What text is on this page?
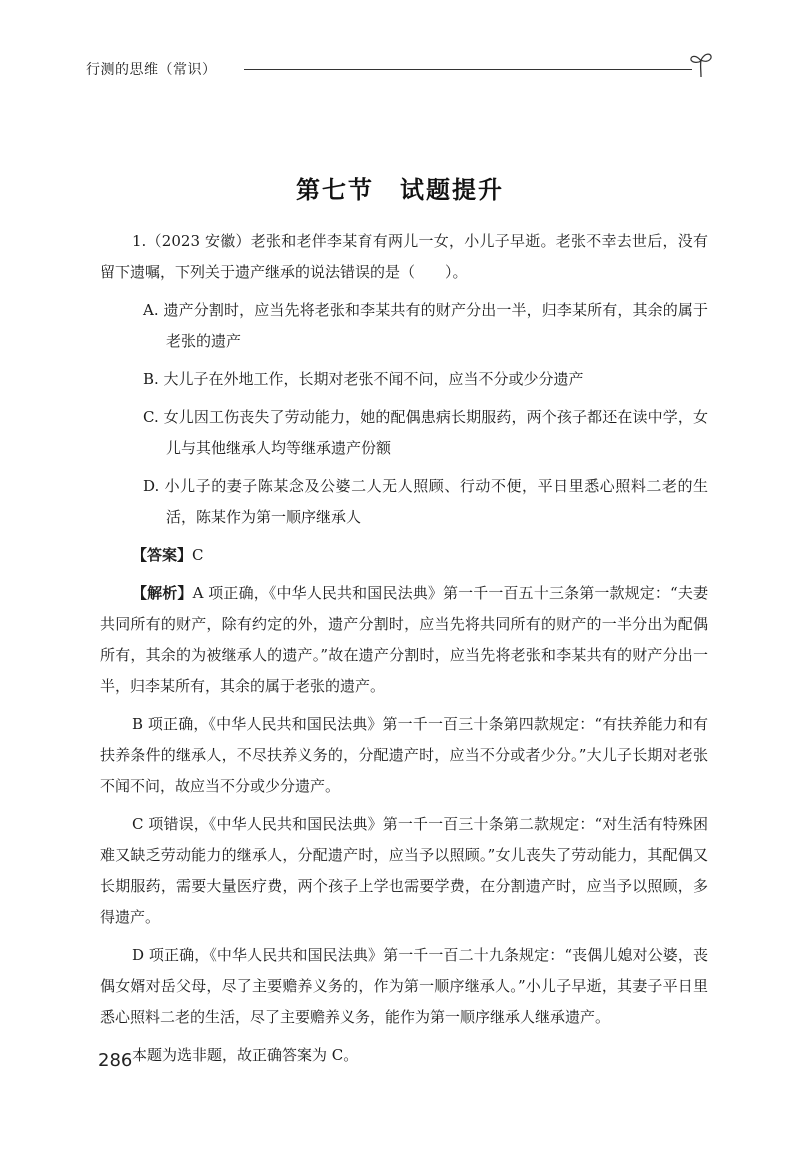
行测的思维（常识）
第七节　试题提升

1.（2023 安徽）老张和老伴李某育有两儿一女，小儿子早逝。老张不幸去世后，没有留下遗嘱，下列关于遗产继承的说法错误的是（　　）。

A. 遗产分割时，应当先将老张和李某共有的财产分出一半，归李某所有，其余的属于老张的遗产

B. 大儿子在外地工作，长期对老张不闻不问，应当不分或少分遗产

C. 女儿因工伤丧失了劳动能力，她的配偶患病长期服药，两个孩子都还在读中学，女儿与其他继承人均等继承遗产份额

D. 小儿子的妻子陈某念及公婆二人无人照顾、行动不便，平日里悉心照料二老的生活，陈某作为第一顺序继承人

【答案】C

【解析】A 项正确，《中华人民共和国民法典》第一千一百五十三条第一款规定：“夫妻共同所有的财产，除有约定的外，遗产分割时，应当先将共同所有的财产的一半分出为配偶所有，其余的为被继承人的遗产。”故在遗产分割时，应当先将老张和李某共有的财产分出一半，归李某所有，其余的属于老张的遗产。

B 项正确，《中华人民共和国民法典》第一千一百三十条第四款规定：“有扶养能力和有扶养条件的继承人，不尽扶养义务的，分配遗产时，应当不分或者少分。”大儿子长期对老张不闻不问，故应当不分或少分遗产。

C 项错误，《中华人民共和国民法典》第一千一百三十条第二款规定：“对生活有特殊困难又缺乏劳动能力的继承人，分配遗产时，应当予以照顾。”女儿丧失了劳动能力，其配偶又长期服药，需要大量医疗费，两个孩子上学也需要学费，在分割遗产时，应当予以照顾，多得遗产。

D 项正确，《中华人民共和国民法典》第一千一百二十九条规定：“丧偶儿媳对公婆，丧偶女婿对岳父母，尽了主要赡养义务的，作为第一顺序继承人。”小儿子早逝，其妻子平日里悉心照料二老的生活，尽了主要赡养义务，能作为第一顺序继承人继承遗产。

本题为选非题，故正确答案为 C。

286
